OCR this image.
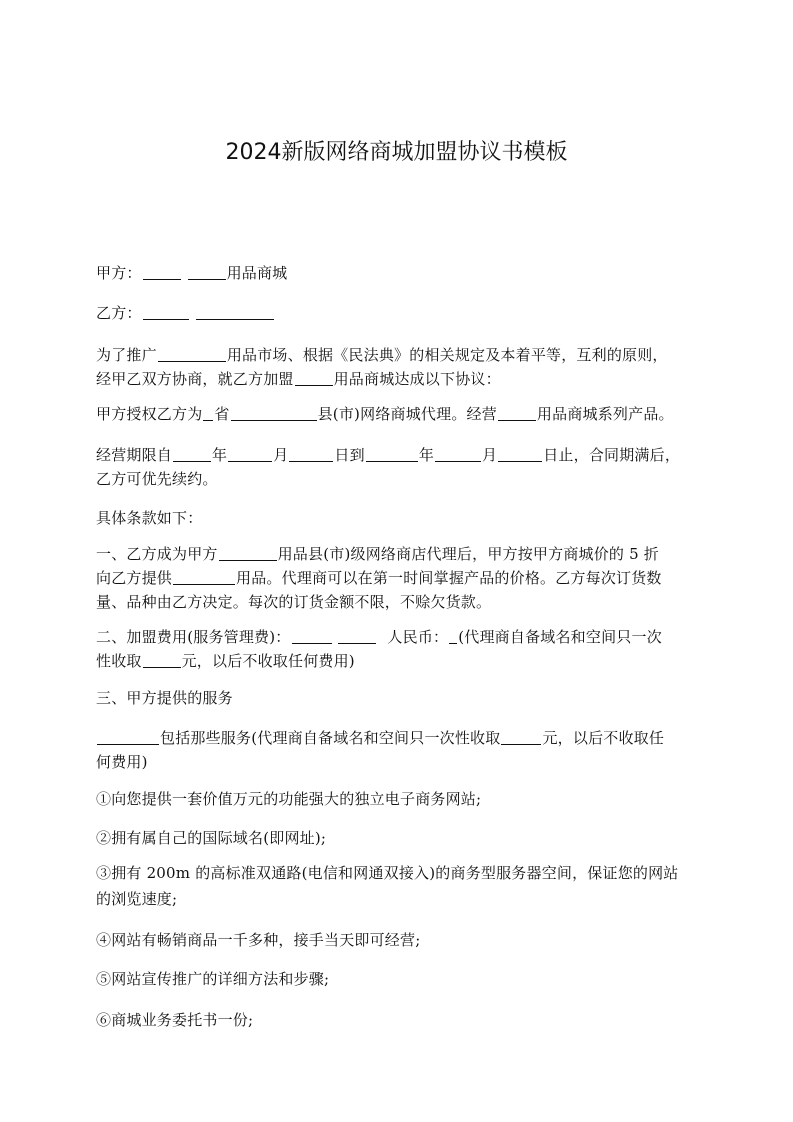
2024新版网络商城加盟协议书模板
甲方：	用品商城
乙方：
为了推广	用品市场、根据《民法典》的相关规定及本着平等，互利的原则，
经甲乙双方协商，就乙方加盟	用品商城达成以下协议：
甲方授权乙方为 省	县(市)网络商城代理。经营	用品商城系列产品。
经营期限自	年	月	日到	年	月	日止，合同期满后，
乙方可优先续约。
具体条款如下：
一、乙方成为甲方	用品县(市)级网络商店代理后，甲方按甲方商城价的 5 折
向乙方提供	用品。代理商可以在第一时间掌握产品的价格。乙方每次订货数
量、品种由乙方决定。每次的订货金额不限，不赊欠货款。
二、加盟费用(服务管理费)：	人民币： (代理商自备域名和空间只一次
性收取	元，以后不收取任何费用)
三、甲方提供的服务
包括那些服务(代理商自备域名和空间只一次性收取	元，以后不收取任
何费用)
①向您提供一套价值万元的功能强大的独立电子商务网站;
②拥有属自己的国际域名(即网址);
③拥有 200m 的高标准双通路(电信和网通双接入)的商务型服务器空间，保证您的网站
的浏览速度;
④网站有畅销商品一千多种，接手当天即可经营;
⑤网站宣传推广的详细方法和步骤;
⑥商城业务委托书一份;
